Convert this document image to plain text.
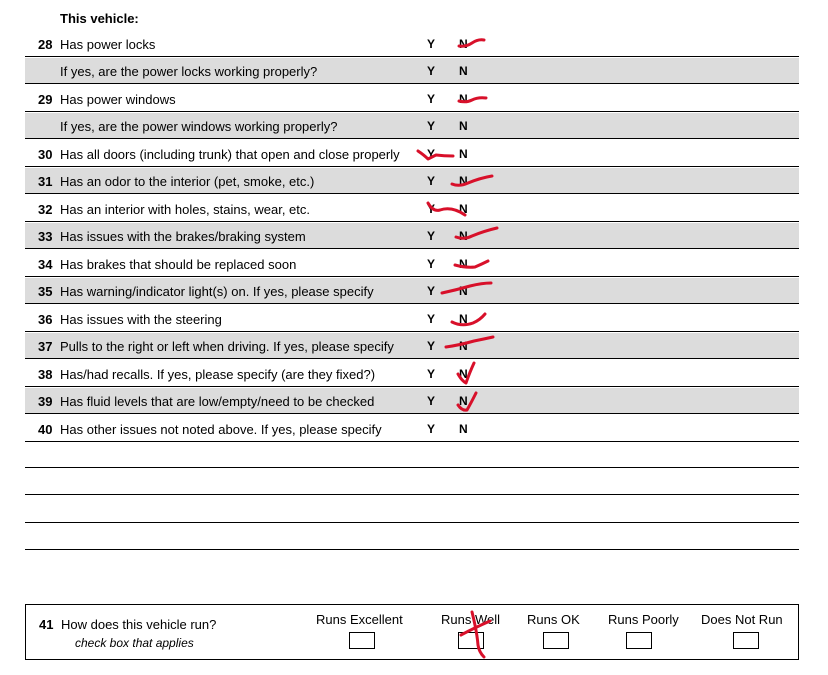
This vehicle:
28 Has power locks	Y N
If yes, are the power locks working properly?	Y N
29 Has power windows	Y N
If yes, are the power windows working properly?	Y N
30 Has all doors (including trunk) that open and close properly Y N
31 Has an odor to the interior (pet, smoke, etc.)	Y N
32 Has an interior with holes, stains, wear, etc.	Y N
33 Has issues with the brakes/braking system	Y N
34 Has brakes that should be replaced soon	Y N
35 Has warning/indicator light(s) on. If yes, please specify	Y N
36 Has issues with the steering	Y N
37 Pulls to the right or left when driving. If yes, please specify	Y N
38 Has/had recalls. If yes, please specify (are they fixed?)	Y N
39 Has fluid levels that are low/empty/need to be checked	Y N
40 Has other issues not noted above. If yes, please specify	Y N
41 How does this vehicle run?
check box that applies
Runs Excellent	Runs Well Runs OK Runs Poorly Does Not Run
